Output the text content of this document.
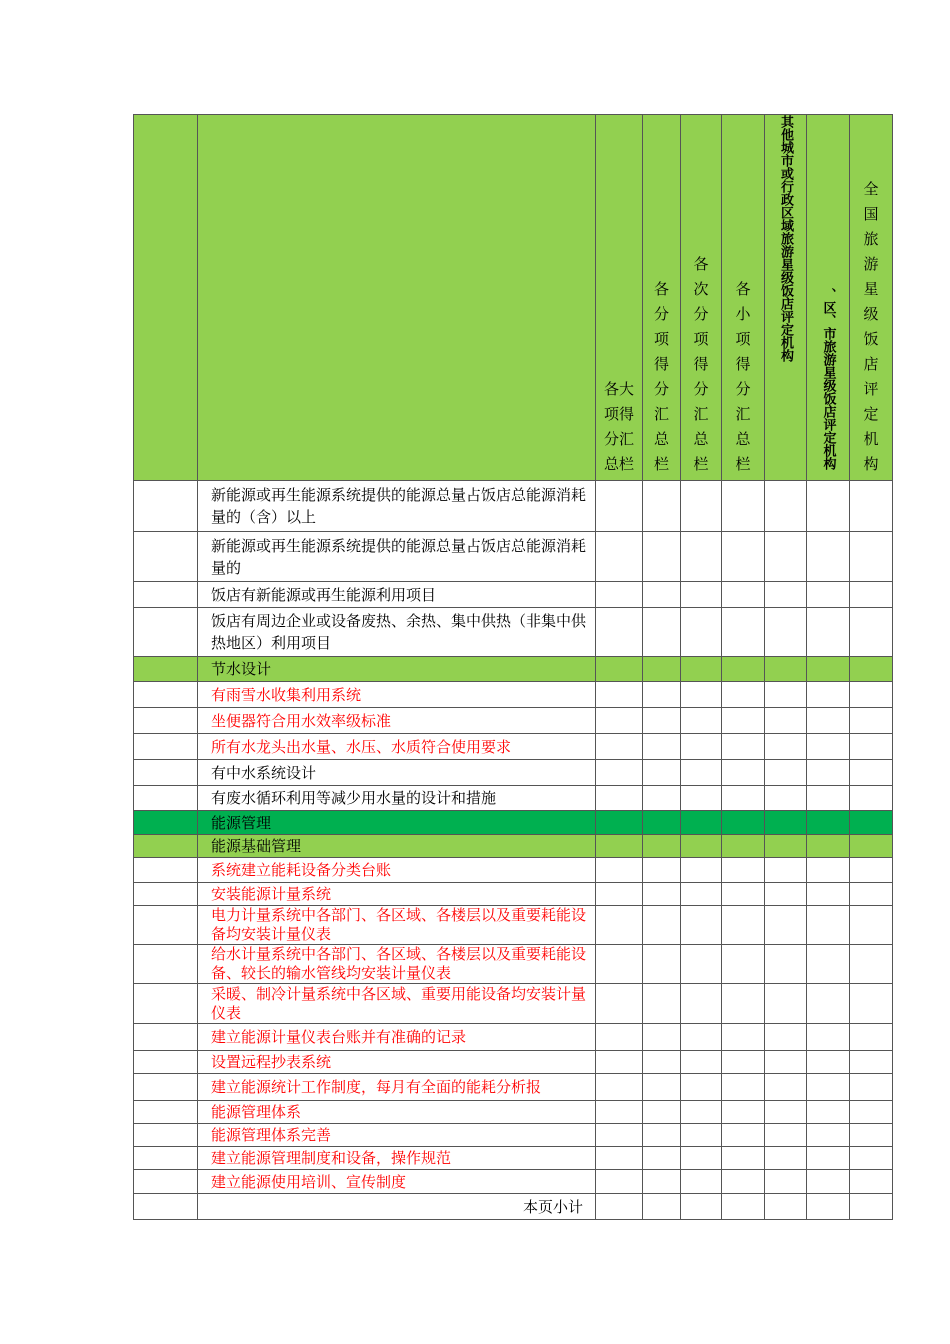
		各大项得分汇总栏	各分项得分汇总栏	各次分项得分汇总栏	各小项得分汇总栏	其他城市或行政区域旅游星级饭店评定机构	、区、市旅游星级饭店评定机构	全国旅游星级饭店评定机构
	新能源或再生能源系统提供的能源总量占饭店总能源消耗量的（含）以上							
	新能源或再生能源系统提供的能源总量占饭店总能源消耗量的							
	饭店有新能源或再生能源利用项目							
	饭店有周边企业或设备废热、余热、集中供热（非集中供热地区）利用项目							
	节水设计							
	有雨雪水收集利用系统							
	坐便器符合用水效率级标准							
	所有水龙头出水量、水压、水质符合使用要求							
	有中水系统设计							
	有废水循环利用等减少用水量的设计和措施							
	能源管理							
	能源基础管理							
	系统建立能耗设备分类台账							
	安装能源计量系统							
	电力计量系统中各部门、各区域、各楼层以及重要耗能设备均安装计量仪表							
	给水计量系统中各部门、各区域、各楼层以及重要耗能设备、较长的输水管线均安装计量仪表							
	采暖、制冷计量系统中各区域、重要用能设备均安装计量仪表							
	建立能源计量仪表台账并有准确的记录							
	设置远程抄表系统							
	建立能源统计工作制度，每月有全面的能耗分析报							
	能源管理体系							
	能源管理体系完善							
	建立能源管理制度和设备，操作规范							
	建立能源使用培训、宣传制度							
	本页小计							
